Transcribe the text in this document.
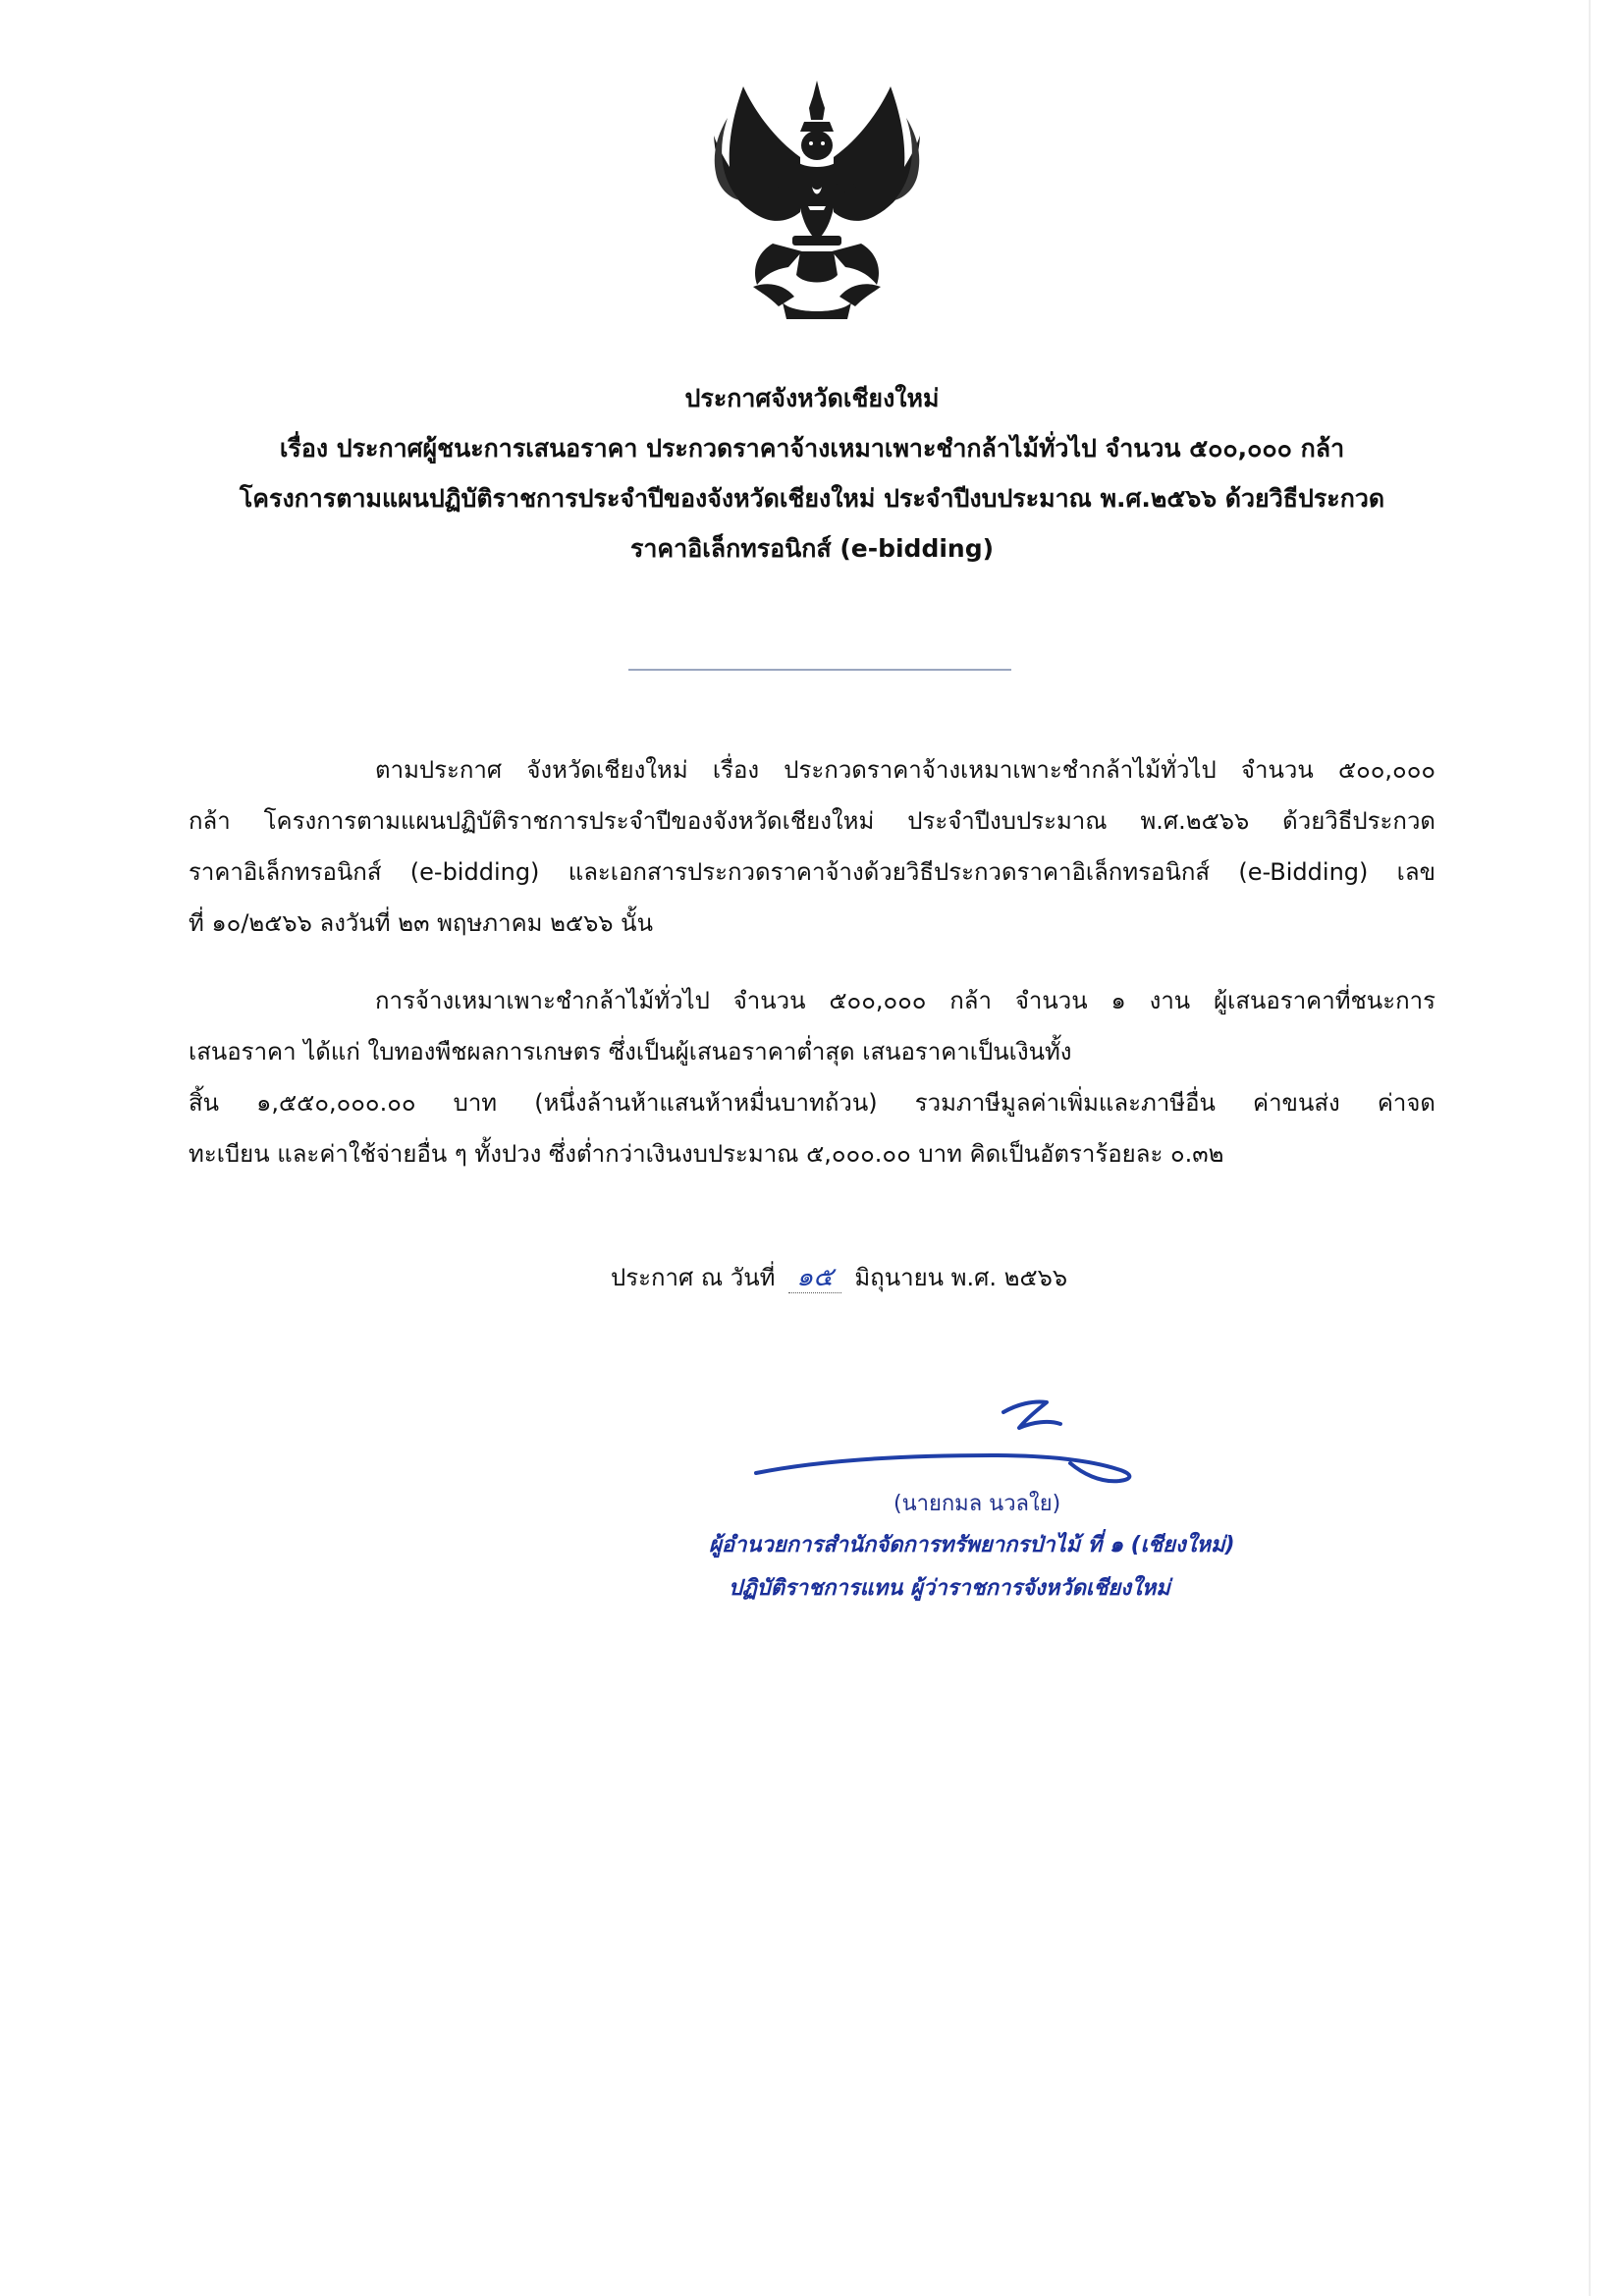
ประกาศจังหวัดเชียงใหม่
เรื่อง ประกาศผู้ชนะการเสนอราคา ประกวดราคาจ้างเหมาเพาะชำกล้าไม้ทั่วไป จำนวน ๕๐๐,๐๐๐ กล้า
โครงการตามแผนปฏิบัติราชการประจำปีของจังหวัดเชียงใหม่ ประจำปีงบประมาณ พ.ศ.๒๕๖๖ ด้วยวิธีประกวด
ราคาอิเล็กทรอนิกส์ (e-bidding)
ตามประกาศ จังหวัดเชียงใหม่ เรื่อง ประกวดราคาจ้างเหมาเพาะชำกล้าไม้ทั่วไป จำนวน ๕๐๐,๐๐๐
กล้า โครงการตามแผนปฏิบัติราชการประจำปีของจังหวัดเชียงใหม่ ประจำปีงบประมาณ พ.ศ.๒๕๖๖ ด้วยวิธีประกวด
ราคาอิเล็กทรอนิกส์ (e-bidding) และเอกสารประกวดราคาจ้างด้วยวิธีประกวดราคาอิเล็กทรอนิกส์ (e-Bidding) เลข
ที่ ๑๐/๒๕๖๖ ลงวันที่ ๒๓ พฤษภาคม ๒๕๖๖ นั้น
การจ้างเหมาเพาะชำกล้าไม้ทั่วไป จำนวน ๕๐๐,๐๐๐ กล้า จำนวน ๑ งาน ผู้เสนอราคาที่ชนะการ
เสนอราคา ได้แก่ ใบทองพืชผลการเกษตร ซึ่งเป็นผู้เสนอราคาต่ำสุด เสนอราคาเป็นเงินทั้ง
สิ้น ๑,๕๕๐,๐๐๐.๐๐ บาท (หนึ่งล้านห้าแสนห้าหมื่นบาทถ้วน) รวมภาษีมูลค่าเพิ่มและภาษีอื่น ค่าขนส่ง ค่าจด
ทะเบียน และค่าใช้จ่ายอื่น ๆ ทั้งปวง ซึ่งต่ำกว่าเงินงบประมาณ ๕,๐๐๐.๐๐ บาท คิดเป็นอัตราร้อยละ ๐.๓๒
ประกาศ ณ วันที่ ๑๕ มิถุนายน พ.ศ. ๒๕๖๖
(นายกมล นวลใย)
ผู้อำนวยการสำนักจัดการทรัพยากรป่าไม้ ที่ ๑ (เชียงใหม่)
ปฏิบัติราชการแทน ผู้ว่าราชการจังหวัดเชียงใหม่
